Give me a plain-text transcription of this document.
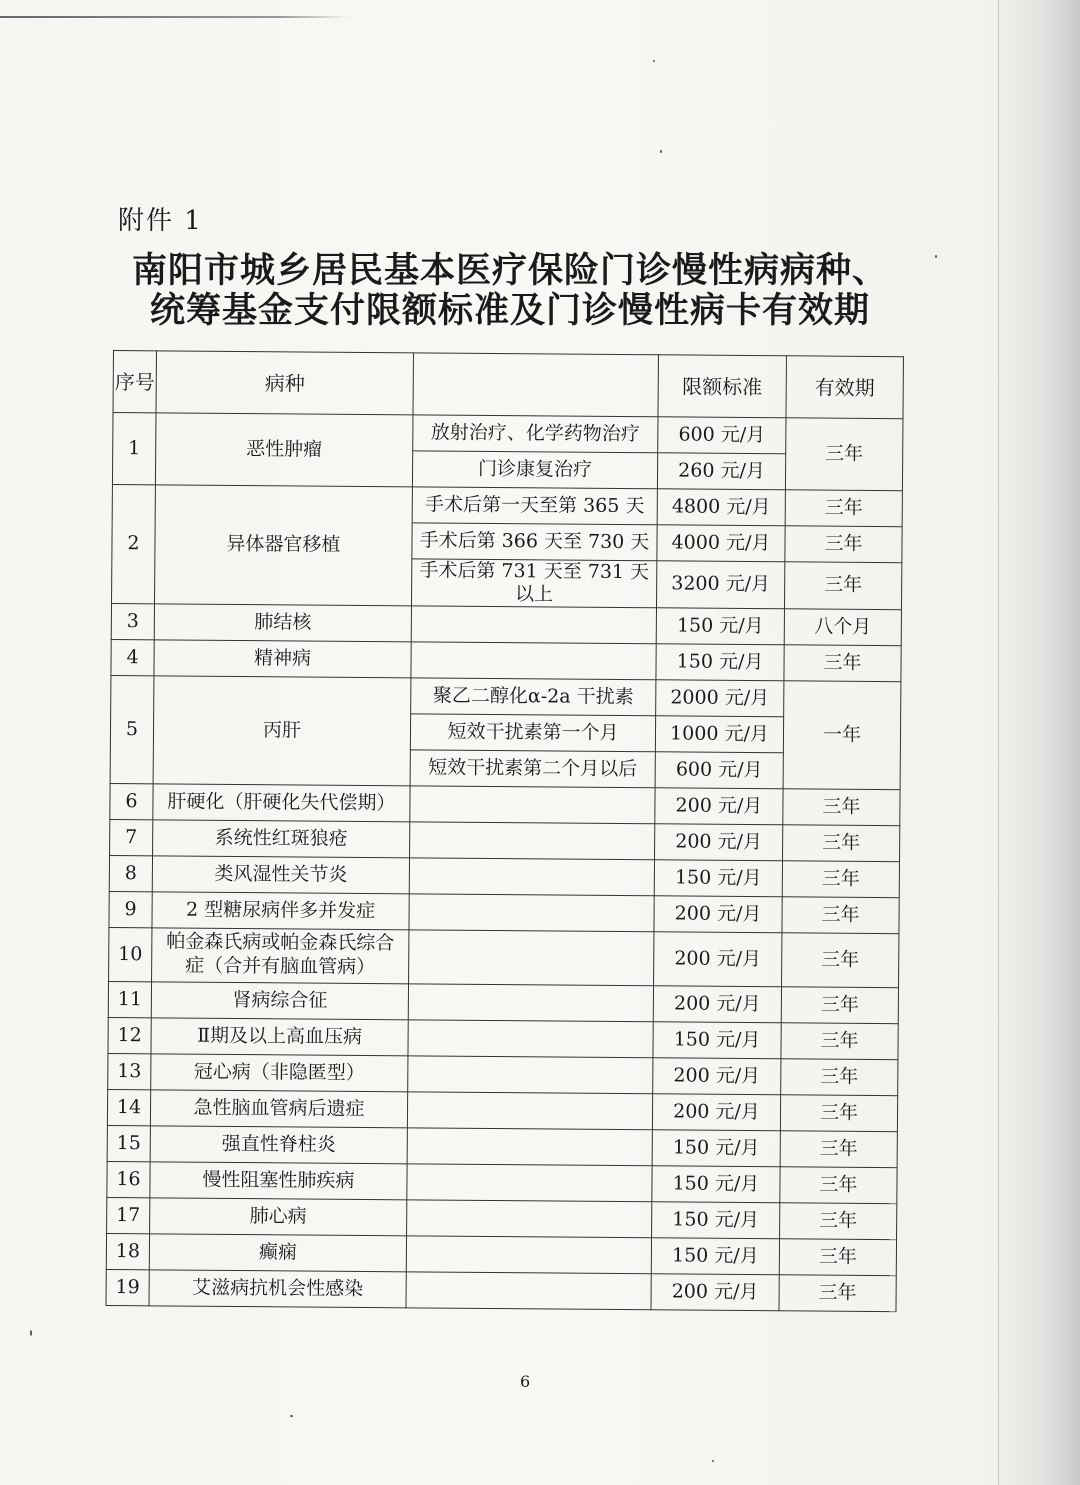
附件 1
南阳市城乡居民基本医疗保险门诊慢性病病种、
统筹基金支付限额标准及门诊慢性病卡有效期
序号	病种		限额标准	有效期
1	恶性肿瘤	放射治疗、化学药物治疗	600 元/月	三年
		门诊康复治疗	260 元/月	
2	异体器官移植	手术后第一天至第 365 天	4800 元/月	三年
		手术后第 366 天至 730 天	4000 元/月	三年
		手术后第 731 天至 731 天以上	3200 元/月	三年
3	肺结核		150 元/月	八个月
4	精神病		150 元/月	三年
5	丙肝	聚乙二醇化α-2a 干扰素	2000 元/月	一年
		短效干扰素第一个月	1000 元/月	
		短效干扰素第二个月以后	600 元/月	
6	肝硬化（肝硬化失代偿期）		200 元/月	三年
7	系统性红斑狼疮		200 元/月	三年
8	类风湿性关节炎		150 元/月	三年
9	2 型糖尿病伴多并发症		200 元/月	三年
10	帕金森氏病或帕金森氏综合症（合并有脑血管病）		200 元/月	三年
11	肾病综合征		200 元/月	三年
12	Ⅱ期及以上高血压病		150 元/月	三年
13	冠心病（非隐匿型）		200 元/月	三年
14	急性脑血管病后遗症		200 元/月	三年
15	强直性脊柱炎		150 元/月	三年
16	慢性阻塞性肺疾病		150 元/月	三年
17	肺心病		150 元/月	三年
18	癫痫		150 元/月	三年
19	艾滋病抗机会性感染		200 元/月	三年
6
